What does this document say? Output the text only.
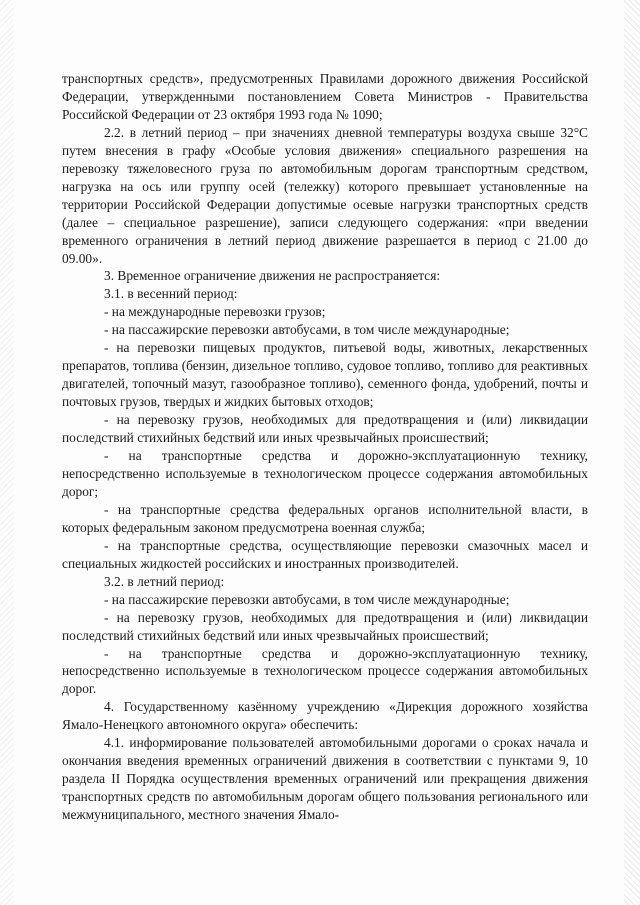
транспортных средств», предусмотренных Правилами дорожного движения Российской Федерации, утвержденными постановлением Совета Министров - Правительства Российской Федерации от 23 октября 1993 года № 1090;

2.2. в летний период – при значениях дневной температуры воздуха свыше 32°С путем внесения в графу «Особые условия движения» специального разрешения на перевозку тяжеловесного груза по автомобильным дорогам транспортным средством, нагрузка на ось или группу осей (тележку) которого превышает установленные на территории Российской Федерации допустимые осевые нагрузки транспортных средств (далее – специальное разрешение), записи следующего содержания: «при введении временного ограничения в летний период движение разрешается в период с 21.00 до 09.00».

3. Временное ограничение движения не распространяется:

3.1. в весенний период:

- на международные перевозки грузов;

- на пассажирские перевозки автобусами, в том числе международные;

- на перевозки пищевых продуктов, питьевой воды, животных, лекарственных препаратов, топлива (бензин, дизельное топливо, судовое топливо, топливо для реактивных двигателей, топочный мазут, газообразное топливо), семенного фонда, удобрений, почты и почтовых грузов, твердых и жидких бытовых отходов;

- на перевозку грузов, необходимых для предотвращения и (или) ликвидации последствий стихийных бедствий или иных чрезвычайных происшествий;

- на транспортные средства и дорожно-эксплуатационную технику, непосредственно используемые в технологическом процессе содержания автомобильных дорог;

- на транспортные средства федеральных органов исполнительной власти, в которых федеральным законом предусмотрена военная служба;

- на транспортные средства, осуществляющие перевозки смазочных масел и специальных жидкостей российских и иностранных производителей.

3.2. в летний период:

- на пассажирские перевозки автобусами, в том числе международные;

- на перевозку грузов, необходимых для предотвращения и (или) ликвидации последствий стихийных бедствий или иных чрезвычайных происшествий;

- на транспортные средства и дорожно-эксплуатационную технику, непосредственно используемые в технологическом процессе содержания автомобильных дорог.

4. Государственному казённому учреждению «Дирекция дорожного хозяйства Ямало-Ненецкого автономного округа» обеспечить:

4.1. информирование пользователей автомобильными дорогами о сроках начала и окончания введения временных ограничений движения в соответствии с пунктами 9, 10 раздела II Порядка осуществления временных ограничений или прекращения движения транспортных средств по автомобильным дорогам общего пользования регионального или межмуниципального, местного значения Ямало-
